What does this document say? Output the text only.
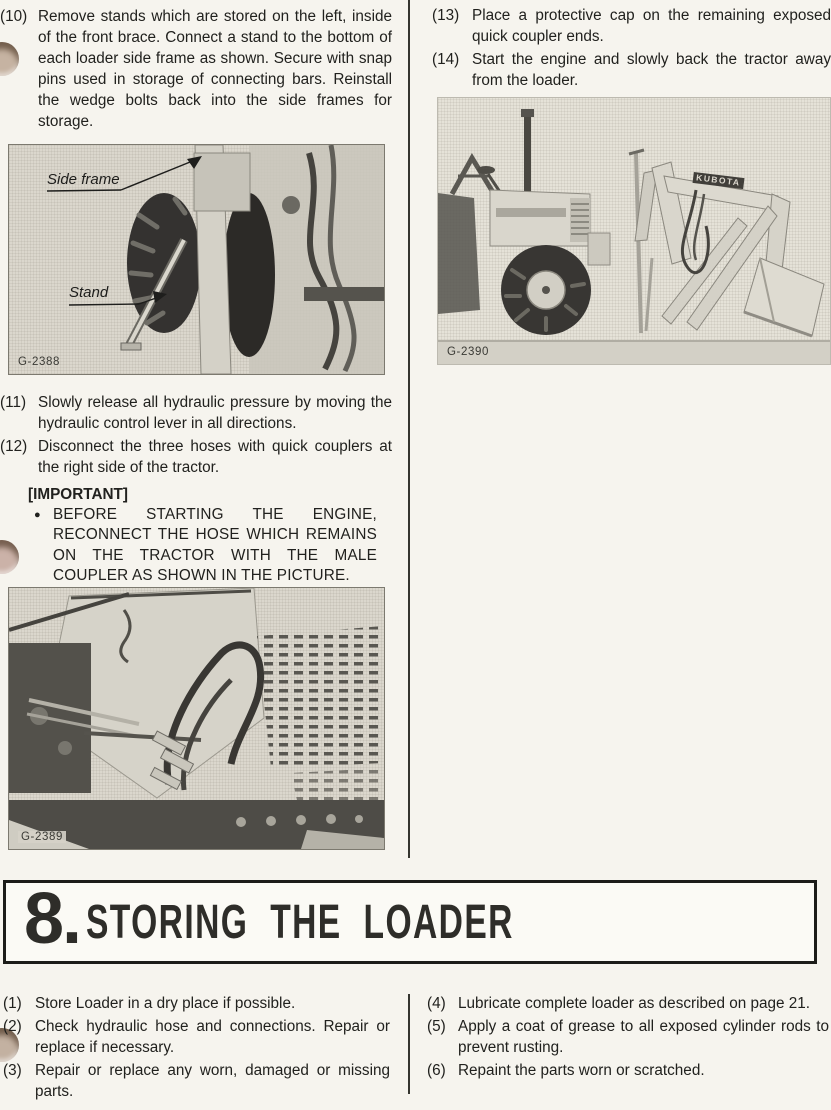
(10) Remove stands which are stored on the left, inside of the front brace. Connect a stand to the bottom of each loader side frame as shown. Secure with snap pins used in storage of connecting bars. Reinstall the wedge bolts back into the side frames for storage.
Side frame
Stand
G-2388
(11) Slowly release all hydraulic pressure by moving the hydraulic control lever in all directions.
(12) Disconnect the three hoses with quick couplers at the right side of the tractor.
[IMPORTANT]
● BEFORE STARTING THE ENGINE, RECONNECT THE HOSE WHICH REMAINS ON THE TRACTOR WITH THE MALE COUPLER AS SHOWN IN THE PICTURE.
G-2389
(13) Place a protective cap on the remaining exposed quick coupler ends.
(14) Start the engine and slowly back the tractor away from the loader.
KUBOTA
G-2390
8. STORING THE LOADER
(1) Store Loader in a dry place if possible.
(2) Check hydraulic hose and connections. Repair or replace if necessary.
(3) Repair or replace any worn, damaged or missing parts.
(4) Lubricate complete loader as described on page 21.
(5) Apply a coat of grease to all exposed cylinder rods to prevent rusting.
(6) Repaint the parts worn or scratched.
